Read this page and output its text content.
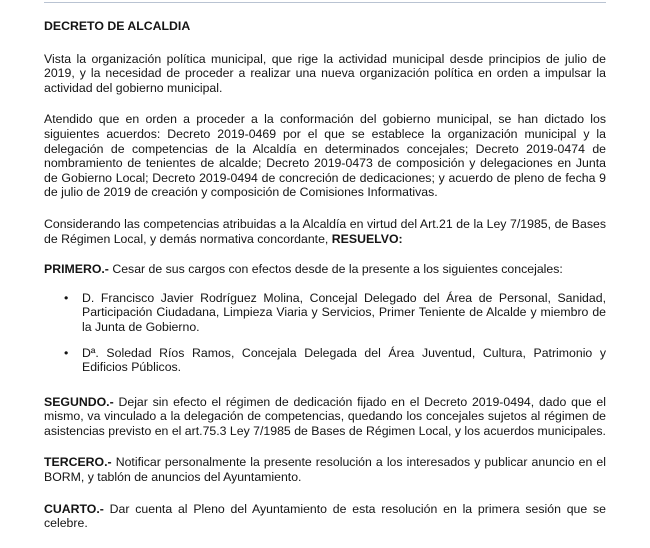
DECRETO DE ALCALDIA

Vista la organización política municipal, que rige la actividad municipal desde principios de julio de 2019, y la necesidad de proceder a realizar una nueva organización política en orden a impulsar la actividad del gobierno municipal.

Atendido que en orden a proceder a la conformación del gobierno municipal, se han dictado los siguientes acuerdos: Decreto 2019-0469 por el que se establece la organización municipal y la delegación de competencias de la Alcaldía en determinados concejales; Decreto 2019-0474 de nombramiento de tenientes de alcalde; Decreto 2019-0473 de composición y delegaciones en Junta de Gobierno Local; Decreto 2019-0494 de concreción de dedicaciones; y acuerdo de pleno de fecha 9 de julio de 2019 de creación y composición de Comisiones Informativas.

Considerando las competencias atribuidas a la Alcaldía en virtud del Art.21 de la Ley 7/1985, de Bases de Régimen Local, y demás normativa concordante, RESUELVO:

PRIMERO.- Cesar de sus cargos con efectos desde de la presente a los siguientes concejales:

• D. Francisco Javier Rodríguez Molina, Concejal Delegado del Área de Personal, Sanidad, Participación Ciudadana, Limpieza Viaria y Servicios, Primer Teniente de Alcalde y miembro de la Junta de Gobierno.
• Dª. Soledad Ríos Ramos, Concejala Delegada del Área Juventud, Cultura, Patrimonio y Edificios Públicos.

SEGUNDO.- Dejar sin efecto el régimen de dedicación fijado en el Decreto 2019-0494, dado que el mismo, va vinculado a la delegación de competencias, quedando los concejales sujetos al régimen de asistencias previsto en el art.75.3 Ley 7/1985 de Bases de Régimen Local, y los acuerdos municipales.

TERCERO.- Notificar personalmente la presente resolución a los interesados y publicar anuncio en el BORM, y tablón de anuncios del Ayuntamiento.

CUARTO.- Dar cuenta al Pleno del Ayuntamiento de esta resolución en la primera sesión que se celebre.
